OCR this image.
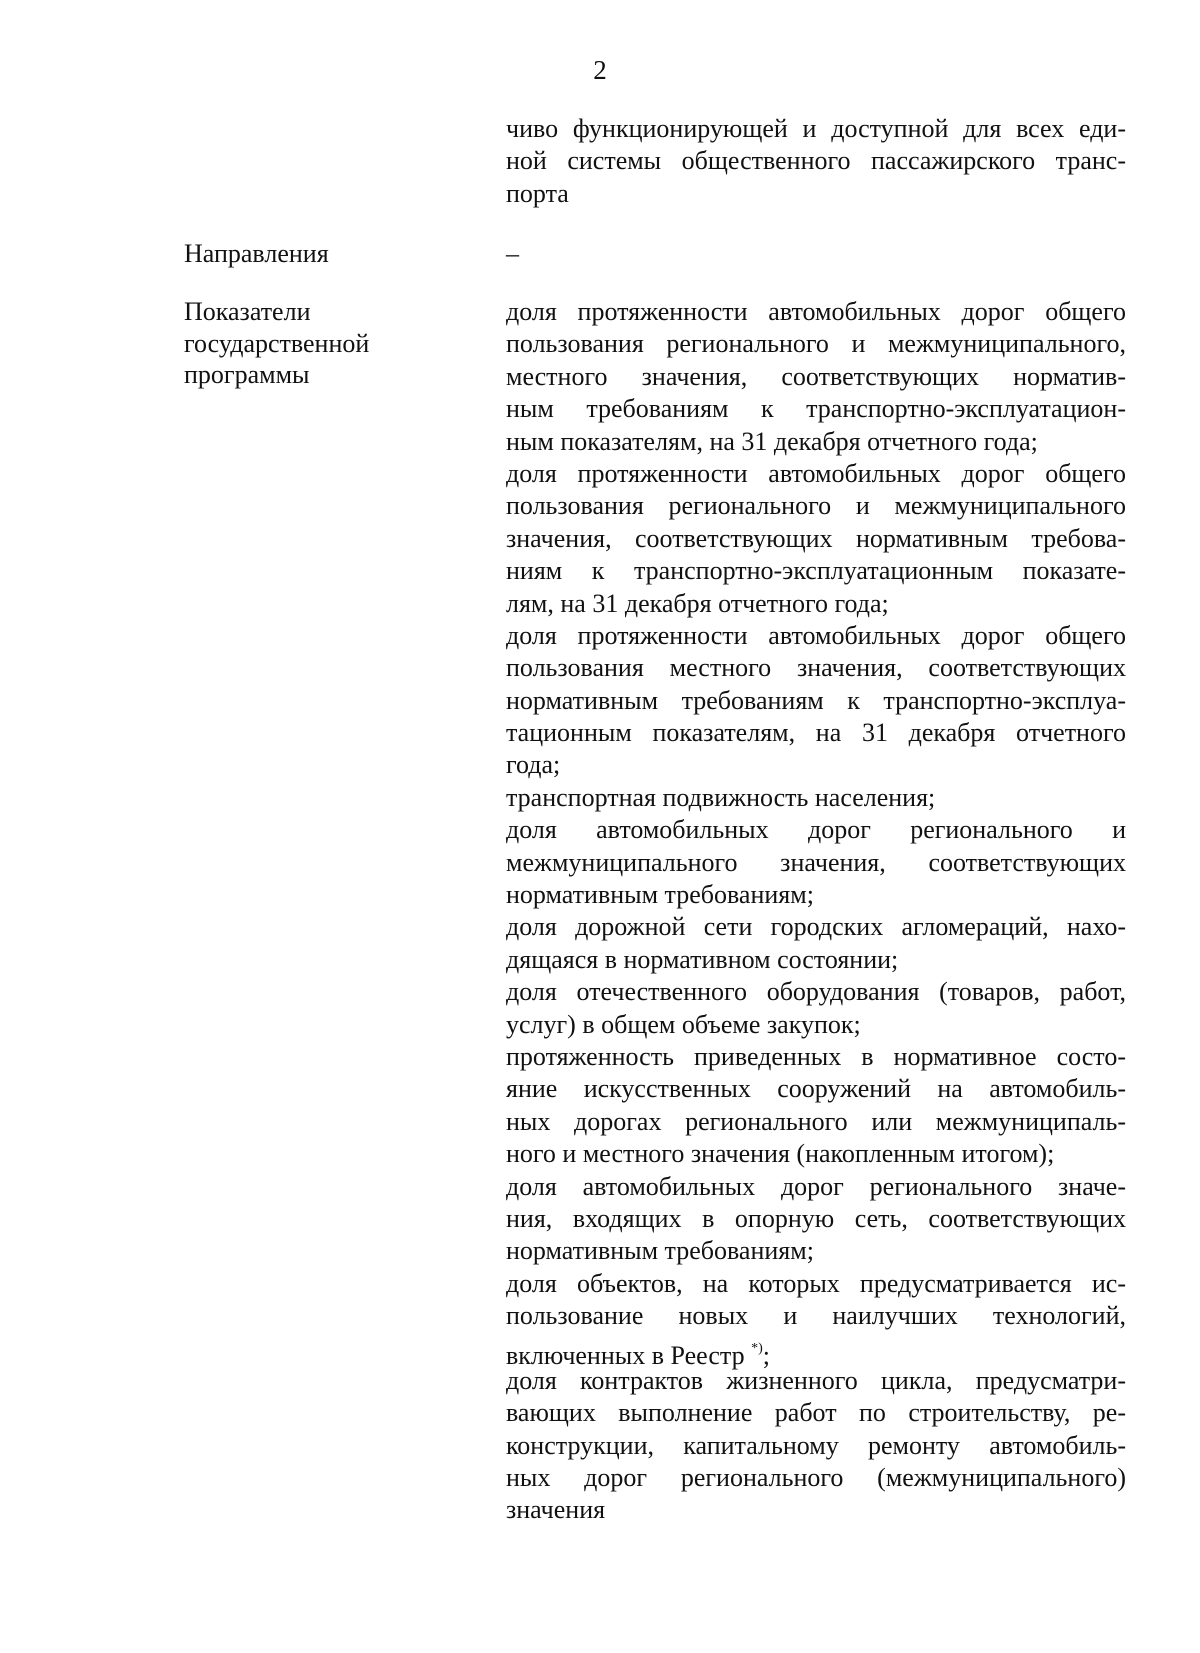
2
чиво функционирующей и доступной для всех еди-
ной системы общественного пассажирского транс-
порта
Направления	–
Показатели
государственной
программы
доля протяженности автомобильных дорог общего
пользования регионального и межмуниципального,
местного значения, соответствующих норматив-
ным требованиям к транспортно-эксплуатацион-
ным показателям, на 31 декабря отчетного года;
доля протяженности автомобильных дорог общего
пользования регионального и межмуниципального
значения, соответствующих нормативным требова-
ниям к транспортно-эксплуатационным показате-
лям, на 31 декабря отчетного года;
доля протяженности автомобильных дорог общего
пользования местного значения, соответствующих
нормативным требованиям к транспортно-эксплуа-
тационным показателям, на 31 декабря отчетного
года;
транспортная подвижность населения;
доля автомобильных дорог регионального и
межмуниципального значения, соответствующих
нормативным требованиям;
доля дорожной сети городских агломераций, нахо-
дящаяся в нормативном состоянии;
доля отечественного оборудования (товаров, работ,
услуг) в общем объеме закупок;
протяженность приведенных в нормативное состо-
яние искусственных сооружений на автомобиль-
ных дорогах регионального или межмуниципаль-
ного и местного значения (накопленным итогом);
доля автомобильных дорог регионального значе-
ния, входящих в опорную сеть, соответствующих
нормативным требованиям;
доля объектов, на которых предусматривается ис-
пользование новых и наилучших технологий,
включенных в Реестр *);
доля контрактов жизненного цикла, предусматри-
вающих выполнение работ по строительству, ре-
конструкции, капитальному ремонту автомобиль-
ных дорог регионального (межмуниципального)
значения
